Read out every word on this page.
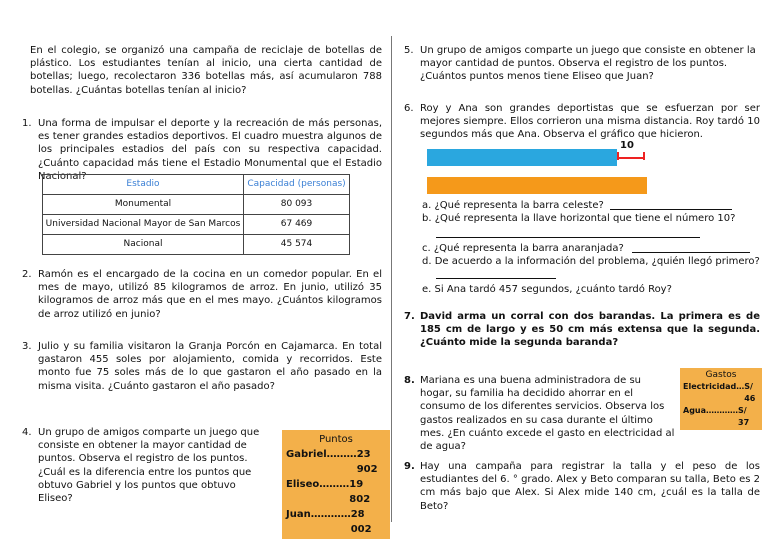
En el colegio, se organizó una campaña de reciclaje de botellas de plástico. Los estudiantes tenían al inicio, una cierta cantidad de botellas; luego, recolectaron 336 botellas más, así acumularon 788 botellas. ¿Cuántas botellas tenían al inicio?
1. Una forma de impulsar el deporte y la recreación de más personas, es tener grandes estadios deportivos. El cuadro muestra algunos de los principales estadios del país con su respectiva capacidad. ¿Cuánto capacidad más tiene el Estadio Monumental que el Estadio Nacional?
Estadio	Capacidad (personas)
Monumental	80 093
Universidad Nacional Mayor de San Marcos	67 469
Nacional	45 574
2. Ramón es el encargado de la cocina en un comedor popular. En el mes de mayo, utilizó 85 kilogramos de arroz. En junio, utilizó 35 kilogramos de arroz más que en el mes mayo. ¿Cuántos kilogramos de arroz utilizó en junio?
3. Julio y su familia visitaron la Granja Porcón en Cajamarca. En total gastaron 455 soles por alojamiento, comida y recorridos. Este monto fue 75 soles más de lo que gastaron el año pasado en la misma visita. ¿Cuánto gastaron el año pasado?
4. Un grupo de amigos comparte un juego que consiste en obtener la mayor cantidad de puntos. Observa el registro de los puntos. ¿Cuál es la diferencia entre los puntos que obtuvo Gabriel y los puntos que obtuvo Eliseo?
Puntos
Gabriel……… 23 902
Eliseo……… 19 802
Juan………… 28 002
5. Un grupo de amigos comparte un juego que consiste en obtener la mayor cantidad de puntos. Observa el registro de los puntos. ¿Cuántos puntos menos tiene Eliseo que Juan?
6. Roy y Ana son grandes deportistas que se esfuerzan por ser mejores siempre. Ellos corrieron una misma distancia. Roy tardó 10 segundos más que Ana. Observa el gráfico que hicieron.
10
a. ¿Qué representa la barra celeste?
b. ¿Qué representa la llave horizontal que tiene el número 10?
c. ¿Qué representa la barra anaranjada?
d. De acuerdo a la información del problema, ¿quién llegó primero?
e. Si Ana tardó 457 segundos, ¿cuánto tardó Roy?
7. David arma un corral con dos barandas. La primera es de 185 cm de largo y es 50 cm más extensa que la segunda. ¿Cuánto mide la segunda baranda?
8. Mariana es una buena administradora de su hogar, su familia ha decidido ahorrar en el consumo de los diferentes servicios. Observa los gastos realizados en su casa durante el último mes. ¿En cuánto excede el gasto en electricidad al de agua?
Gastos
Electricidad… S/ 46
Agua………… S/ 37
9. Hay una campaña para registrar la talla y el peso de los estudiantes del 6. ° grado. Alex y Beto comparan su talla, Beto es 2 cm más bajo que Alex. Si Alex mide 140 cm, ¿cuál es la talla de Beto?
